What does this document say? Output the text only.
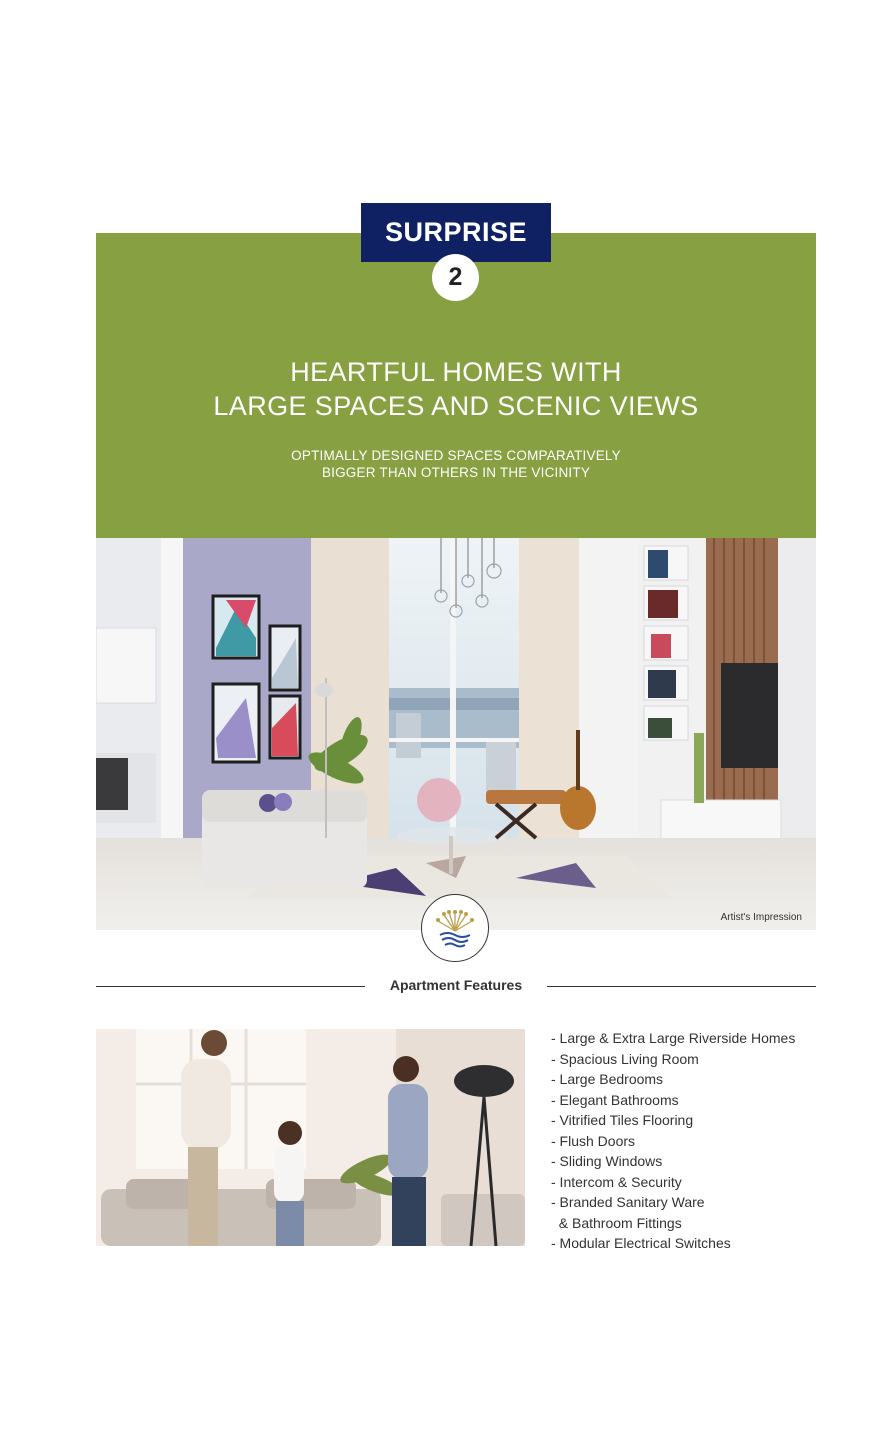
SURPRISE
2
HEARTFUL HOMES WITH
LARGE SPACES AND SCENIC VIEWS
OPTIMALLY DESIGNED SPACES COMPARATIVELY
BIGGER THAN OTHERS IN THE VICINITY
Artist's Impression
Apartment Features
- Large & Extra Large Riverside Homes
- Spacious Living Room
- Large Bedrooms
- Elegant Bathrooms
- Vitrified Tiles Flooring
- Flush Doors
- Sliding Windows
- Intercom & Security
- Branded Sanitary Ware
& Bathroom Fittings
- Modular Electrical Switches
